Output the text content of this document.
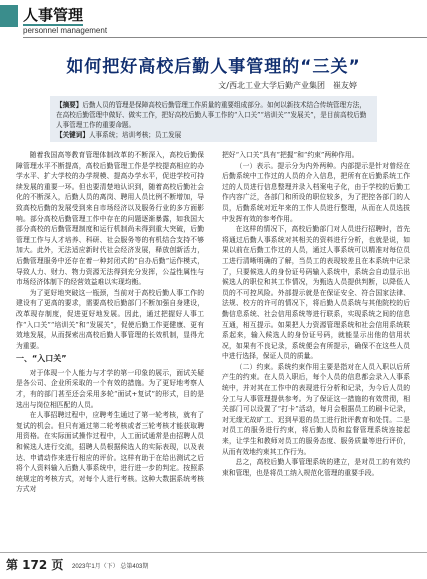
人事管理
personnel management
如何把好高校后勤人事管理的“三关”
文/西北工业大学后勤产业集团　崔友婷
【摘要】后勤人员的管理是保障高校后勤管理工作质量的重要组成部分。如何以新技术结合传统管理方法，在高校后勤管理中做好、做实工作，把好高校后勤人事工作的“入口关”“培训关”“发展关”，是目前高校后勤人事管理工作的重要命题。
【关键词】人事系统；培训考核；员工发展

随着我国高等教育管理体制改革的不断深入，高校后勤保障管理水平不断提高，高校后勤管理工作是学校提高相应的办学水平、扩大学校的办学规模、提高办学水平，促进学校可持续发展的重要一环。但也要清楚地认识到，随着高校后勤社会化的不断深入，后勤人员的离岗、聘用人员比例不断增加，导致高校后勤的发展受到来自市场经济以及服务行业的多方面影响。部分高校后勤管理工作中存在的问题逐渐暴露，如我国大部分高校的后勤管理制度和运行机制尚未得到重大突破，后勤管理工作与人才培养、科研、社会服务等的有机结合支持不够加大。此外，无法适应新时代社会经济发展，释放创新活力，后勤管理服务中还存在着一种封闭式的“自办后勤”运作模式，导致人力、财力、物力资源无法得到充分发挥，公益性属性与市场经济体制下的经营效益难以实现均衡。

为了更好地突破这一瓶颈，当前对于高校后勤人事工作的建设有了更高的要求，需要高校后勤部门不断加强自身建设，改革现存制度，促进更好地发展。因此，通过把握好人事工作“入口关”“培训关”和“发展关”，促使后勤工作更健康、更有效地发展，从而探索出高校后勤人事管理的长效机制，显得尤为重要。

一、“入口关”

对于体现一个人能力与才学的第一印象的展示，面试关疑是各公司、企业所采取的一个有效的措施。为了更好地考察人才，有的部门甚至还会采用多轮“面试+复试”的形式，目的是选出与岗位相匹配的人员。

在人事招聘过程中，应聘考生通过了第一轮考核，就有了复试的机会。但只有通过第二轮考核或者三轮考核才能获取聘用资格。在实际面试操作过程中，人工面试通常是由招聘人员和候选人进行交流，招聘人员根据候选人的实际表现，以及表达、申请动作来进行相应的评价。这样有助于在给出测试之后将个人资料输入后勤人事系统中，进行进一步的判定。按照系统规定的考核方式，对每个人进行考核。这种大数据系统考核方式对

把好“入口关”具有“把握”和“约束”两种作用。

（一）表示。提示分为内外两种。内部提示是针对曾经在后勤系统中工作过的人员的介入信息，把所有在后勤系统工作过的人员进行信息整理并录入档案电子化，由于学校的后勤工作内容广泛，各部门和所设的职位较多，为了把控各部门的人员，后勤系统对近年来的工作人员进行整理，从而在人员选拔中发挥有效的参考作用。

在这样的情况下，高校后勤部门对人员进行招聘时，首先将通过后勤人事系统对其相关的资料进行分析，也就是说，如果以前在后勤工作过的人员，通过人事系统可以精准对每位员工进行清晰明确的了解，当员工的表现较差且在本系统中记录了，只要候选人的身份证号码输入系统中，系统会自动显示出候选人的职位和其工作情况，为甄选人员提供判断，以降低人员的不可控风险。外部提示就是在保证安全、符合国家法律、法规、校方的许可的情况下，将后勤人员系统与其他院校的后勤信息系统、社会信用系统等进行联系，实现系统之间的信息互通，相互提示。如果把人力资源管理系统和社会信用系统联系起来，输入候选人的身份证号码，就能显示出他的信用状况，如果有不良记录，系统便会有所提示，确保不在这些人员中进行选择，保证人员的质量。

（二）约束。系统约束作用主要是指对在人员入职以后所产生的约束。在人员入职后，每个人员的信息都会录入人事系统中，并对其在工作中的表现进行分析和记录，为今后人员的分工与人事管理提供参考。为了保证这一措施的有效贯彻，相关部门可以设置了“打卡”活动，每月会根据员工的刷卡记录，对无缘无故旷工、迟到早退的员工进行批评教育和处罚。二是对员工的服务进行约束，将后勤人员和监督管理系统连接起来，让学生和教师对员工的服务态度、服务质量等进行评价，从而有效地约束其工作行为。

总之，高校后勤人事管理系统的建立，是对员工的有效约束和管理，也是将员工纳入规范化管理的重要手段。

第 172 页 2023年1月（下） 总第403期
